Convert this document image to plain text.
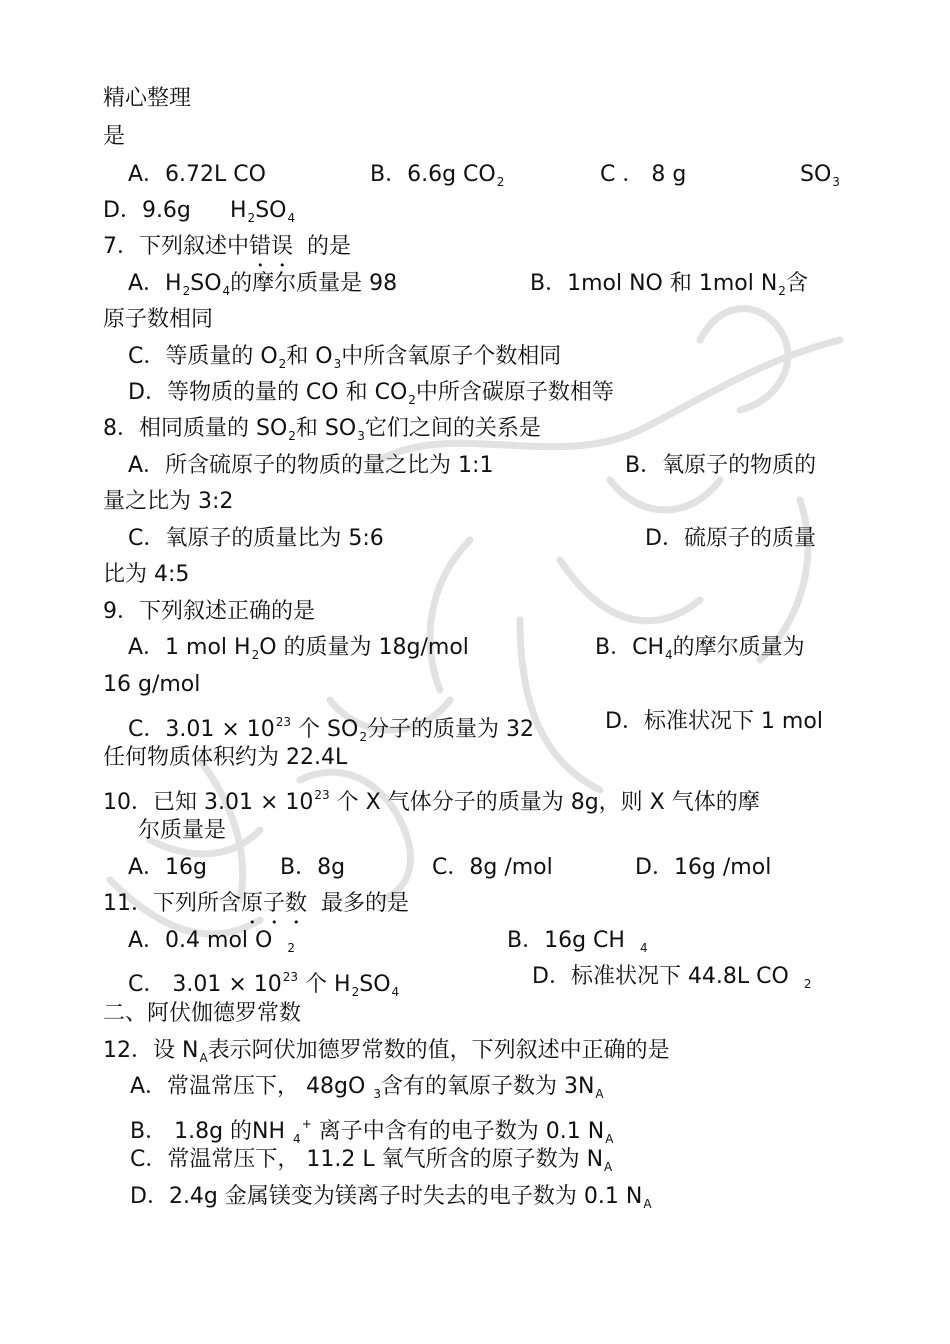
精心整理
是
A．6.72L CO	B．6.6g $CO_2$	C ． 8 g	$SO_3$
D．9.6g $H_2SO_4$
7．下列叙述中错误 的是
A．$H_2SO_4$的摩尔质量是 98	B．1mol NO 和 1mol $N_2$含
原子数相同
C．等质量的 $O_2$和 $O_3$中所含氧原子个数相同
D．等物质的量的 CO 和 $CO_2$中所含碳原子数相等
8．相同质量的 $SO_2$和 $SO_3$它们之间的关系是
A．所含硫原子的物质的量之比为 1:1	B．氧原子的物质的
量之比为 3:2
C．氧原子的质量比为 5:6	D．硫原子的质量
比为 4:5
9．下列叙述正确的是
A．1 mol $H_2O$ 的质量为 18g/mol	B．$CH_4$的摩尔质量为
16 g/mol
C．$3.01 \times 10^{23}$ 个 $SO_2$分子的质量为 32	D．标准状况下 1 mol
任何物质体积约为 22.4L
10．已知 $3.01 \times 10^{23}$ 个 X 气体分子的质量为 8g，则 X 气体的摩
尔质量是
A．16g	B．8g	C．8g /mol	D．16g /mol
11．下列所含原子数 最多的是
A．0.4 mol O $_2$	B．16g CH $_4$
C． $3.01 \times 10^{23}$ 个 $H_2SO_4$
D．标准状况下 44.8L CO $_2$
二、阿伏伽德罗常数
12．设 $N_A$表示阿伏加德罗常数的值，下列叙述中正确的是
A．常温常压下， 48gO $_3$含有的氧原子数为 $3N_A$
B． 1.8g 的NH $_4$+ 离子中含有的电子数为 0.1 $N_A$
C．常温常压下， 11.2 L 氧气所含的原子数为 $N_A$
D．2.4g 金属镁变为镁离子时失去的电子数为 0.1 $N_A$
